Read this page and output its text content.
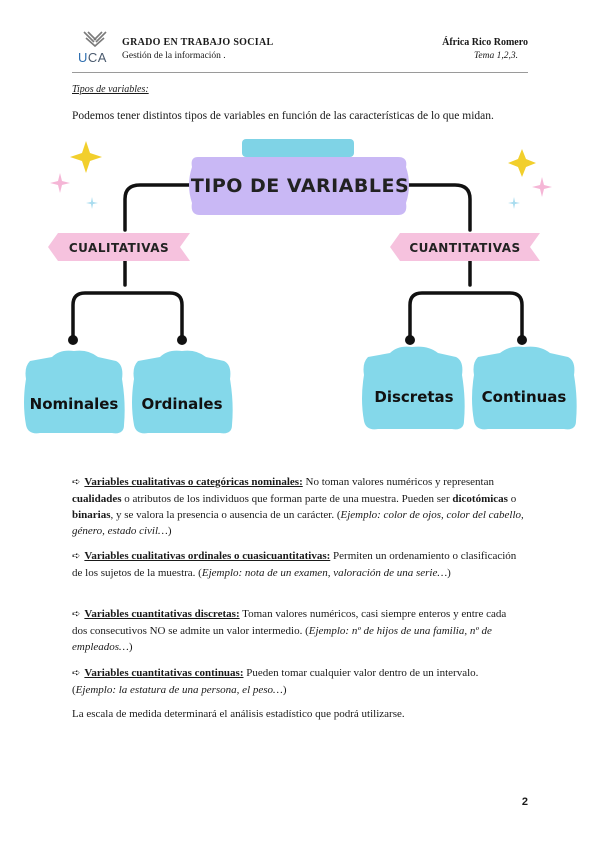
UCA
GRADO EN TRABAJO SOCIAL
Gestión de la información .
África Rico Romero
Tema 1,2,3.
Tipos de variables:
Podemos tener distintos tipos de variables en función de las características de lo que midan.
TIPO DE VARIABLES
CUALITATIVAS	CUANTITATIVAS
Nominales Ordinales	Discretas Continuas
➪ Variables cualitativas o categóricas nominales: No toman valores numéricos y representan cualidades o atributos de los individuos que forman parte de una muestra. Pueden ser dicotómicas o binarias, y se valora la presencia o ausencia de un carácter. (Ejemplo: color de ojos, color del cabello, género, estado civil…)
➪ Variables cualitativas ordinales o cuasicuantitativas: Permiten un ordenamiento o clasificación de los sujetos de la muestra. (Ejemplo: nota de un examen, valoración de una serie…)
➪ Variables cuantitativas discretas: Toman valores numéricos, casi siempre enteros y entre cada dos consecutivos NO se admite un valor intermedio. (Ejemplo: nº de hijos de una familia, nº de empleados…)
➪ Variables cuantitativas continuas: Pueden tomar cualquier valor dentro de un intervalo. (Ejemplo: la estatura de una persona, el peso…)
La escala de medida determinará el análisis estadístico que podrá utilizarse.
2
